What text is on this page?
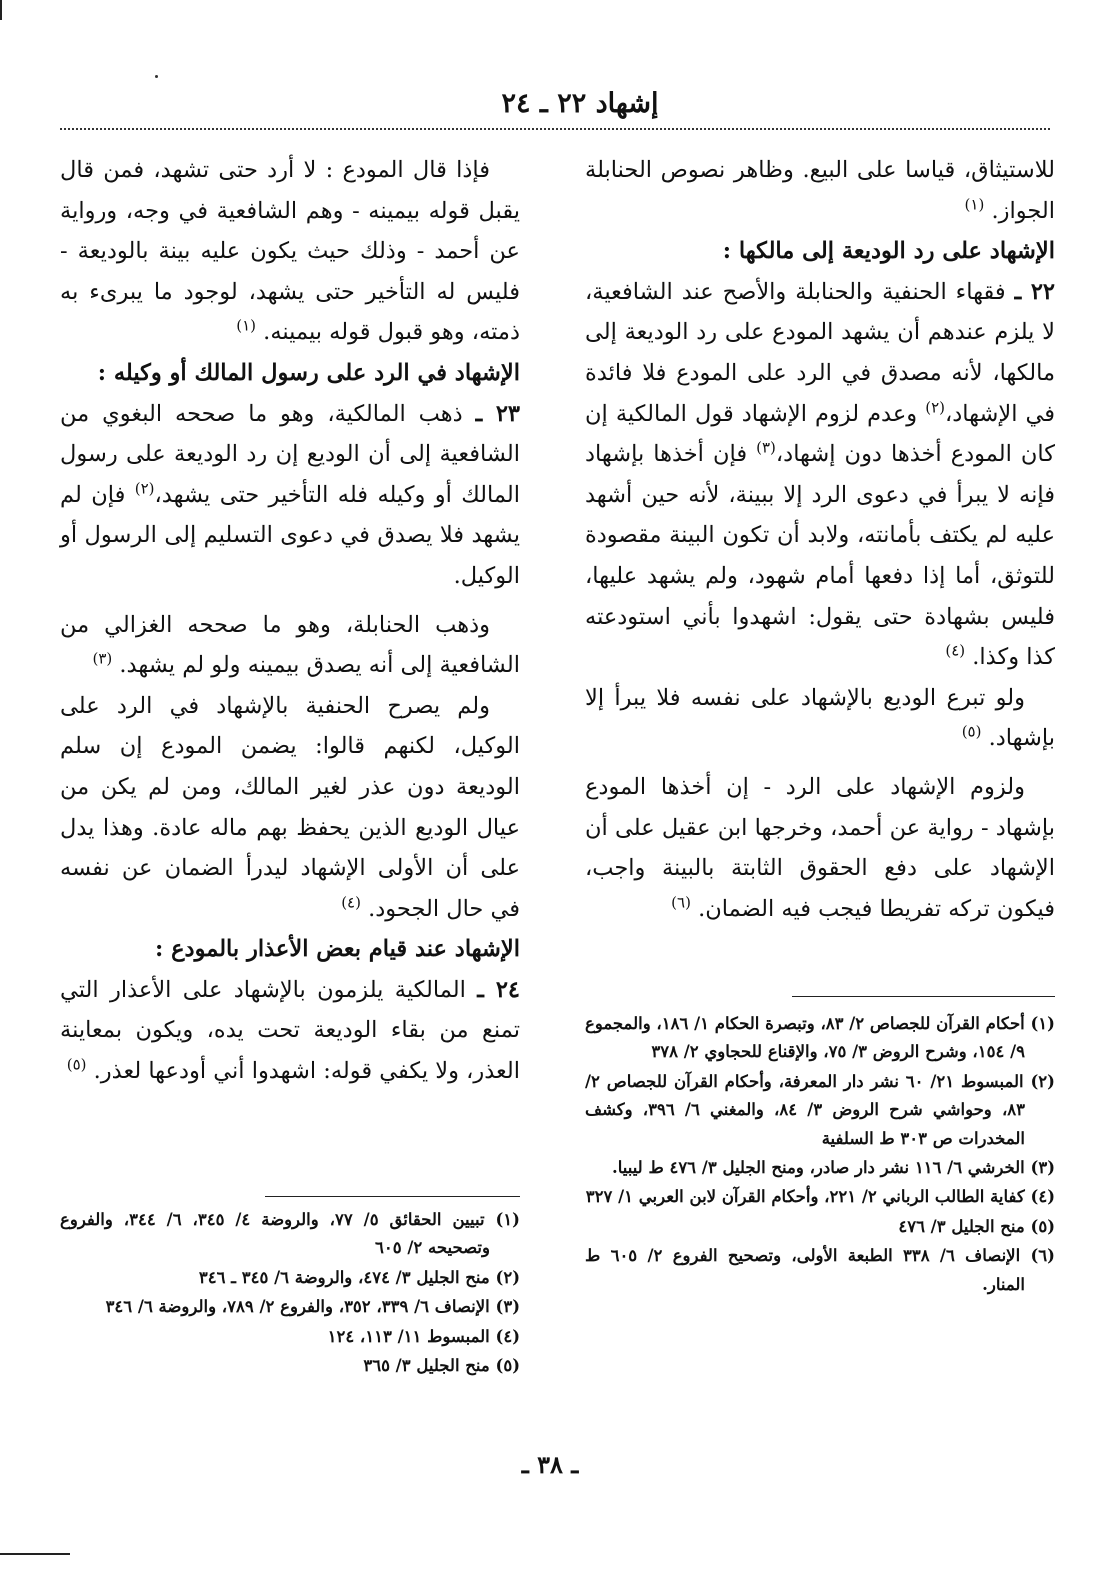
إشهاد ٢٢ ـ ٢٤

للاستيثاق، قياسا على البيع. وظاهر نصوص الحنابلة الجواز. $^{(١)}$

الإشهاد على رد الوديعة إلى مالكها :

٢٢ ـ فقهاء الحنفية والحنابلة والأصح عند الشافعية، لا يلزم عندهم أن يشهد المودع على رد الوديعة إلى مالكها، لأنه مصدق في الرد على المودع فلا فائدة في الإشهاد،$^{(٢)}$ وعدم لزوم الإشهاد قول المالكية إن كان المودع أخذها دون إشهاد،$^{(٣)}$ فإن أخذها بإشهاد فإنه لا يبرأ في دعوى الرد إلا ببينة، لأنه حين أشهد عليه لم يكتف بأمانته، ولابد أن تكون البينة مقصودة للتوثق، أما إذا دفعها أمام شهود، ولم يشهد عليها، فليس بشهادة حتى يقول: اشهدوا بأني استودعته كذا وكذا. $^{(٤)}$

ولو تبرع الوديع بالإشهاد على نفسه فلا يبرأ إلا بإشهاد. $^{(٥)}$

ولزوم الإشهاد على الرد - إن أخذها المودع بإشهاد - رواية عن أحمد، وخرجها ابن عقيل على أن الإشهاد على دفع الحقوق الثابتة بالبينة واجب، فيكون تركه تفريطا فيجب فيه الضمان. $^{(٦)}$

فإذا قال المودع : لا أرد حتى تشهد، فمن قال يقبل قوله بيمينه - وهم الشافعية في وجه، ورواية عن أحمد - وذلك حيث يكون عليه بينة بالوديعة - فليس له التأخير حتى يشهد، لوجود ما يبرىء به ذمته، وهو قبول قوله بيمينه. $^{(١)}$

الإشهاد في الرد على رسول المالك أو وكيله :

٢٣ ـ ذهب المالكية، وهو ما صححه البغوي من الشافعية إلى أن الوديع إن رد الوديعة على رسول المالك أو وكيله فله التأخير حتى يشهد،$^{(٢)}$ فإن لم يشهد فلا يصدق في دعوى التسليم إلى الرسول أو الوكيل.

وذهب الحنابلة، وهو ما صححه الغزالي من الشافعية إلى أنه يصدق بيمينه ولو لم يشهد. $^{(٣)}$

ولم يصرح الحنفية بالإشهاد في الرد على الوكيل، لكنهم قالوا: يضمن المودع إن سلم الوديعة دون عذر لغير المالك، ومن لم يكن من عيال الوديع الذين يحفظ بهم ماله عادة. وهذا يدل على أن الأولى الإشهاد ليدرأ الضمان عن نفسه في حال الجحود. $^{(٤)}$

الإشهاد عند قيام بعض الأعذار بالمودع :

٢٤ ـ المالكية يلزمون بالإشهاد على الأعذار التي تمنع من بقاء الوديعة تحت يده، ويكون بمعاينة العذر، ولا يكفي قوله: اشهدوا أني أودعها لعذر. $^{(٥)}$

(١) أحكام القرآن للجصاص ٢/ ٨٣، وتبصرة الحكام ١/ ١٨٦، والمجموع ٩/ ١٥٤، وشرح الروض ٣/ ٧٥، والإقناع للحجاوي ٢/ ٣٧٨

(٢) المبسوط ٢١/ ٦٠ نشر دار المعرفة، وأحكام القرآن للجصاص ٢/ ٨٣، وحواشي شرح الروض ٣/ ٨٤، والمغني ٦/ ٣٩٦، وكشف المخدرات ص ٣٠٣ ط السلفية

(٣) الخرشي ٦/ ١١٦ نشر دار صادر، ومنح الجليل ٣/ ٤٧٦ ط ليبيا.

(٤) كفاية الطالب الرباني ٢/ ٢٢١، وأحكام القرآن لابن العربي ١/ ٣٢٧

(٥) منح الجليل ٣/ ٤٧٦

(٦) الإنصاف ٦/ ٣٣٨ الطبعة الأولى، وتصحيح الفروع ٢/ ٦٠٥ ط المنار.

(١) تبيين الحقائق ٥/ ٧٧، والروضة ٤/ ٣٤٥، ٦/ ٣٤٤، والفروع وتصحيحه ٢/ ٦٠٥

(٢) منح الجليل ٣/ ٤٧٤، والروضة ٦/ ٣٤٥ ـ ٣٤٦

(٣) الإنصاف ٦/ ٣٣٩، ٣٥٢، والفروع ٢/ ٧٨٩، والروضة ٦/ ٣٤٦

(٤) المبسوط ١١/ ١١٣، ١٢٤

(٥) منح الجليل ٣/ ٣٦٥

ـ ٣٨ ـ
